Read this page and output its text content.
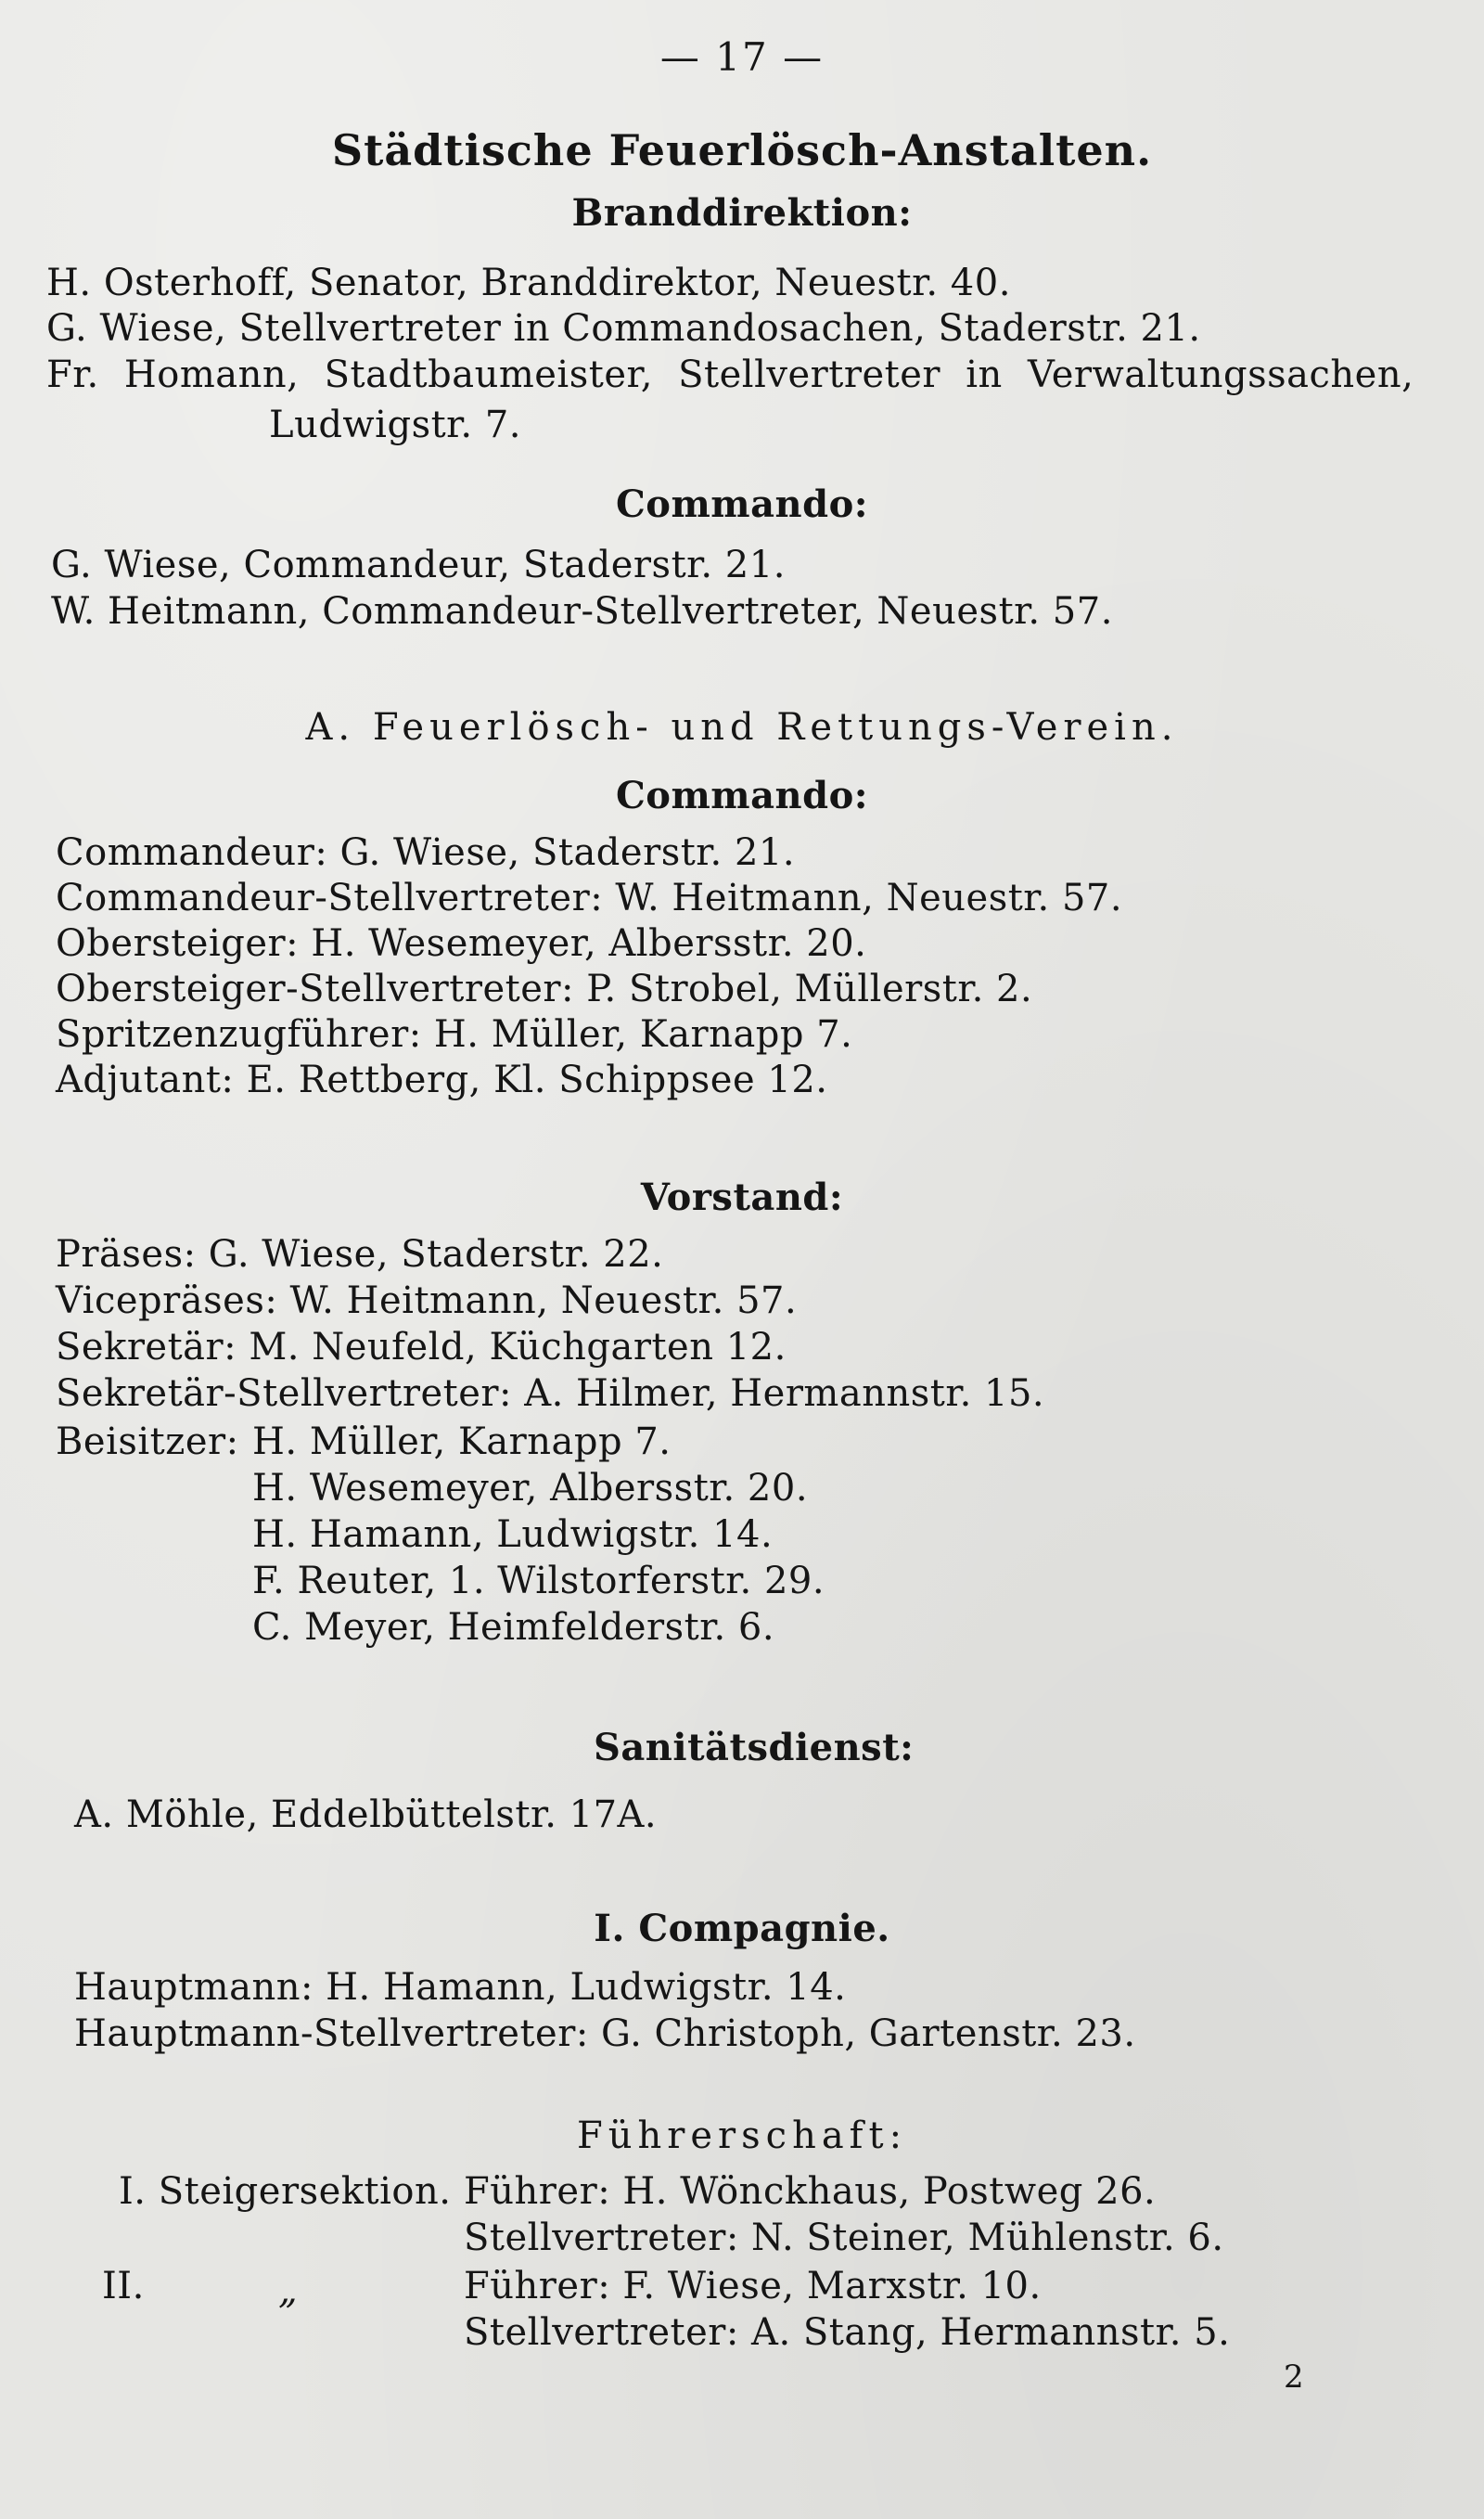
— 17 —
Städtische Feuerlösch-Anstalten.
Branddirektion:
H. Osterhoff, Senator, Branddirektor, Neuestr. 40.
G. Wiese, Stellvertreter in Commandosachen, Staderstr. 21.
Fr. Homann, Stadtbaumeister, Stellvertreter in Verwaltungssachen,
Ludwigstr. 7.
Commando:
G. Wiese, Commandeur, Staderstr. 21.
W. Heitmann, Commandeur-Stellvertreter, Neuestr. 57.
A. Feuerlösch- und Rettungs-Verein.
Commando:
Commandeur: G. Wiese, Staderstr. 21.
Commandeur-Stellvertreter: W. Heitmann, Neuestr. 57.
Obersteiger: H. Wesemeyer, Albersstr. 20.
Obersteiger-Stellvertreter: P. Strobel, Müllerstr. 2.
Spritzenzugführer: H. Müller, Karnapp 7.
Adjutant: E. Rettberg, Kl. Schippsee 12.
Vorstand:
Präses: G. Wiese, Staderstr. 22.
Vicepräses: W. Heitmann, Neuestr. 57.
Sekretär: M. Neufeld, Küchgarten 12.
Sekretär-Stellvertreter: A. Hilmer, Hermannstr. 15.
Beisitzer: H. Müller, Karnapp 7.
H. Wesemeyer, Albersstr. 20.
H. Hamann, Ludwigstr. 14.
F. Reuter, 1. Wilstorferstr. 29.
C. Meyer, Heimfelderstr. 6.
Sanitätsdienst:
A. Möhle, Eddelbüttelstr. 17A.
I. Compagnie.
Hauptmann: H. Hamann, Ludwigstr. 14.
Hauptmann-Stellvertreter: G. Christoph, Gartenstr. 23.
Führerschaft:
I. Steigersektion. Führer: H. Wönckhaus, Postweg 26.
Stellvertreter: N. Steiner, Mühlenstr. 6.
II.	„	Führer: F. Wiese, Marxstr. 10.
Stellvertreter: A. Stang, Hermannstr. 5.
2
